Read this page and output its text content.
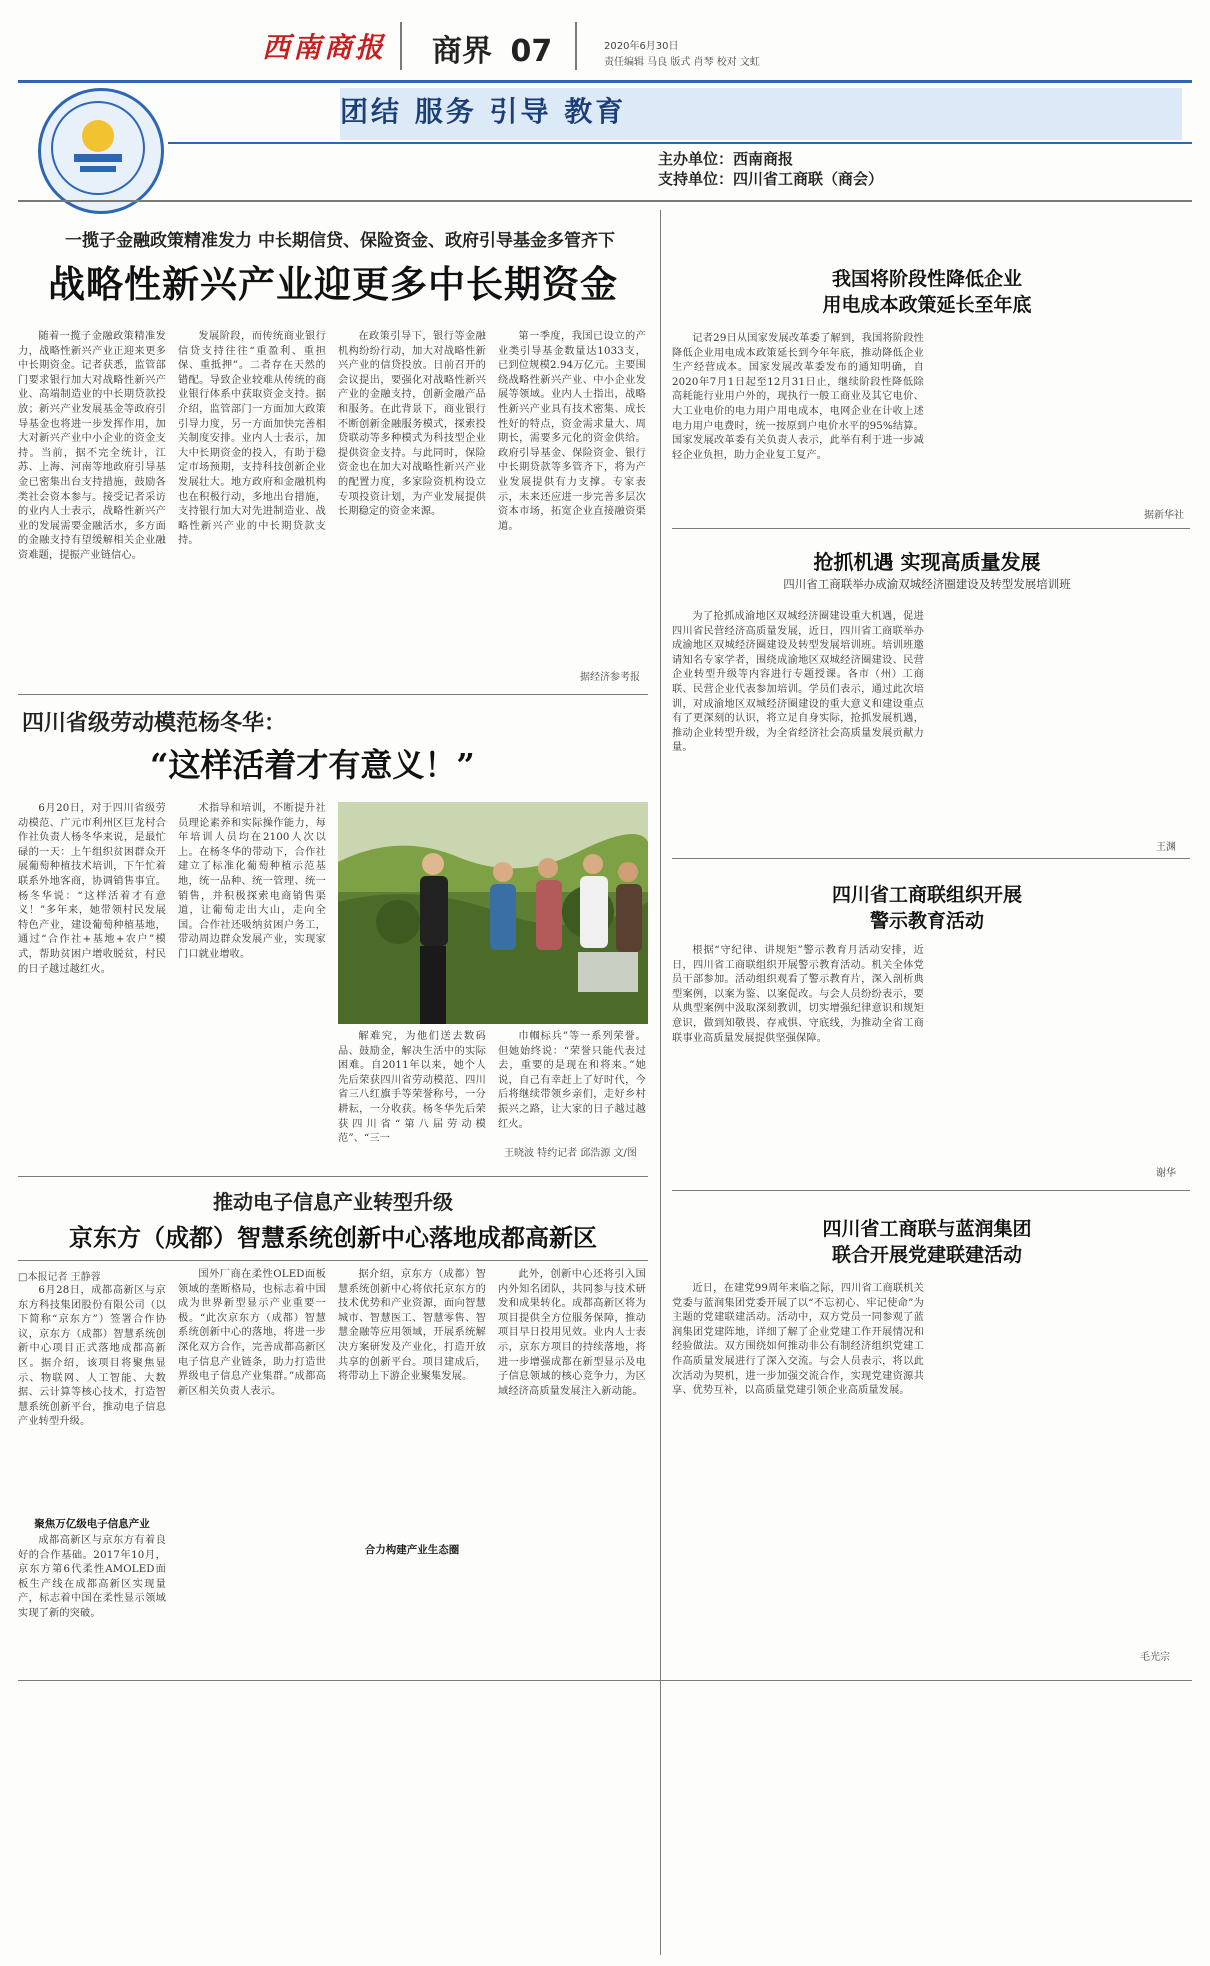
西南商报	商界 07	2020年6月30日
责任编辑 马良 版式 肖琴 校对 文虹
团结 服务 引导 教育
主办单位：西南商报
支持单位：四川省工商联（商会）
一揽子金融政策精准发力 中长期信贷、保险资金、政府引导基金多管齐下
战略性新兴产业迎更多中长期资金
随着一揽子金融政策精准发力，战略性新兴产业正迎来更多中长期资金。记者获悉，监管部门要求银行加大对战略性新兴产业、高端制造业的中长期贷款投放；新兴产业发展基金等政府引导基金也将进一步发挥作用，加大对新兴产业中小企业的资金支持。当前，据不完全统计，江苏、上海、河南等地政府引导基金已密集出台支持措施，鼓励各类社会资本参与。接受记者采访的业内人士表示，战略性新兴产业的发展需要金融活水，多方面的金融支持有望缓解相关企业融资难题，提振产业链信心。
发展阶段，而传统商业银行信贷支持往往“重盈利、重担保、重抵押”。二者存在天然的错配。导致企业较难从传统的商业银行体系中获取资金支持。据介绍，监管部门一方面加大政策引导力度，另一方面加快完善相关制度安排。业内人士表示，加大中长期资金的投入，有助于稳定市场预期，支持科技创新企业发展壮大。地方政府和金融机构也在积极行动，多地出台措施，支持银行加大对先进制造业、战略性新兴产业的中长期贷款支持。
在政策引导下，银行等金融机构纷纷行动，加大对战略性新兴产业的信贷投放。日前召开的会议提出，要强化对战略性新兴产业的金融支持，创新金融产品和服务。在此背景下，商业银行不断创新金融服务模式，探索投贷联动等多种模式为科技型企业提供资金支持。与此同时，保险资金也在加大对战略性新兴产业的配置力度，多家险资机构设立专项投资计划，为产业发展提供长期稳定的资金来源。
第一季度，我国已设立的产业类引导基金数量达1033支，已到位规模2.94万亿元。主要围绕战略性新兴产业、中小企业发展等领域。业内人士指出，战略性新兴产业具有技术密集、成长性好的特点，资金需求量大、周期长，需要多元化的资金供给。政府引导基金、保险资金、银行中长期贷款等多管齐下，将为产业发展提供有力支撑。专家表示，未来还应进一步完善多层次资本市场，拓宽企业直接融资渠道。
据经济参考报
我国将阶段性降低企业
用电成本政策延长至年底
记者29日从国家发展改革委了解到，我国将阶段性降低企业用电成本政策延长到今年年底，推动降低企业生产经营成本。国家发展改革委发布的通知明确，自2020年7月1日起至12月31日止，继续阶段性降低除高耗能行业用户外的，现执行一般工商业及其它电价、大工业电价的电力用户用电成本，电网企业在计收上述电力用户电费时，统一按原到户电价水平的95%结算。国家发展改革委有关负责人表示，此举有利于进一步减轻企业负担，助力企业复工复产。
据新华社
抢抓机遇 实现高质量发展
四川省工商联举办成渝双城经济圈建设及转型发展培训班
为了抢抓成渝地区双城经济圈建设重大机遇，促进四川省民营经济高质量发展，近日，四川省工商联举办成渝地区双城经济圈建设及转型发展培训班。培训班邀请知名专家学者，围绕成渝地区双城经济圈建设、民营企业转型升级等内容进行专题授课。各市（州）工商联、民营企业代表参加培训。学员们表示，通过此次培训，对成渝地区双城经济圈建设的重大意义和建设重点有了更深刻的认识，将立足自身实际，抢抓发展机遇，推动企业转型升级，为全省经济社会高质量发展贡献力量。
王渊
四川省工商联组织开展
警示教育活动
根据“守纪律、讲规矩”警示教育月活动安排，近日，四川省工商联组织开展警示教育活动。机关全体党员干部参加。活动组织观看了警示教育片，深入剖析典型案例，以案为鉴、以案促改。与会人员纷纷表示，要从典型案例中汲取深刻教训，切实增强纪律意识和规矩意识，做到知敬畏、存戒惧、守底线，为推动全省工商联事业高质量发展提供坚强保障。
谢华
四川省级劳动模范杨冬华：
“这样活着才有意义！”
6月20日，对于四川省级劳动模范、广元市利州区巨龙村合作社负责人杨冬华来说，是最忙碌的一天：上午组织贫困群众开展葡萄种植技术培训，下午忙着联系外地客商，协调销售事宜。杨冬华说：“这样活着才有意义！”多年来，她带领村民发展特色产业，建设葡萄种植基地，通过“合作社+基地+农户”模式，帮助贫困户增收脱贫，村民的日子越过越红火。
术指导和培训，不断提升社员理论素养和实际操作能力，每年培训人员均在2100人次以上。在杨冬华的带动下，合作社建立了标准化葡萄种植示范基地，统一品种、统一管理、统一销售，并积极探索电商销售渠道，让葡萄走出大山，走向全国。合作社还吸纳贫困户务工，带动周边群众发展产业，实现家门口就业增收。
解难究，为他们送去数码品、鼓励金，解决生活中的实际困难。自2011年以来，她个人先后荣获四川省劳动模范、四川省三八红旗手等荣誉称号，一分耕耘，一分收获。杨冬华先后荣获四川省“第八届劳动模范”、“三一
巾帼标兵”等一系列荣誉。但她始终说：“荣誉只能代表过去，重要的是现在和将来。”她说，自己有幸赶上了好时代，今后将继续带领乡亲们，走好乡村振兴之路，让大家的日子越过越红火。
王晓波 特约记者 邱浩源 文/图
推动电子信息产业转型升级
京东方（成都）智慧系统创新中心落地成都高新区
□本报记者 王静蓉
6月28日，成都高新区与京东方科技集团股份有限公司（以下简称“京东方”）签署合作协议，京东方（成都）智慧系统创新中心项目正式落地成都高新区。据介绍，该项目将聚焦显示、物联网、人工智能、大数据、云计算等核心技术，打造智慧系统创新平台，推动电子信息产业转型升级。
聚焦万亿级电子信息产业
成都高新区与京东方有着良好的合作基础。2017年10月，京东方第6代柔性AMOLED面板生产线在成都高新区实现量产，标志着中国在柔性显示领域实现了新的突破。
国外厂商在柔性OLED面板领域的垄断格局，也标志着中国成为世界新型显示产业重要一极。“此次京东方（成都）智慧系统创新中心的落地，将进一步深化双方合作，完善成都高新区电子信息产业链条，助力打造世界级电子信息产业集群。”成都高新区相关负责人表示。
据介绍，京东方（成都）智慧系统创新中心将依托京东方的技术优势和产业资源，面向智慧城市、智慧医工、智慧零售、智慧金融等应用领域，开展系统解决方案研发及产业化，打造开放共享的创新平台。项目建成后，将带动上下游企业聚集发展。
合力构建产业生态圈
此外，创新中心还将引入国内外知名团队，共同参与技术研发和成果转化。成都高新区将为项目提供全方位服务保障，推动项目早日投用见效。业内人士表示，京东方项目的持续落地，将进一步增强成都在新型显示及电子信息领域的核心竞争力，为区域经济高质量发展注入新动能。
四川省工商联与蓝润集团
联合开展党建联建活动
近日，在建党99周年来临之际，四川省工商联机关党委与蓝润集团党委开展了以“不忘初心、牢记使命”为主题的党建联建活动。活动中，双方党员一同参观了蓝润集团党建阵地，详细了解了企业党建工作开展情况和经验做法。双方围绕如何推动非公有制经济组织党建工作高质量发展进行了深入交流。与会人员表示，将以此次活动为契机，进一步加强交流合作，实现党建资源共享、优势互补，以高质量党建引领企业高质量发展。
毛光宗
